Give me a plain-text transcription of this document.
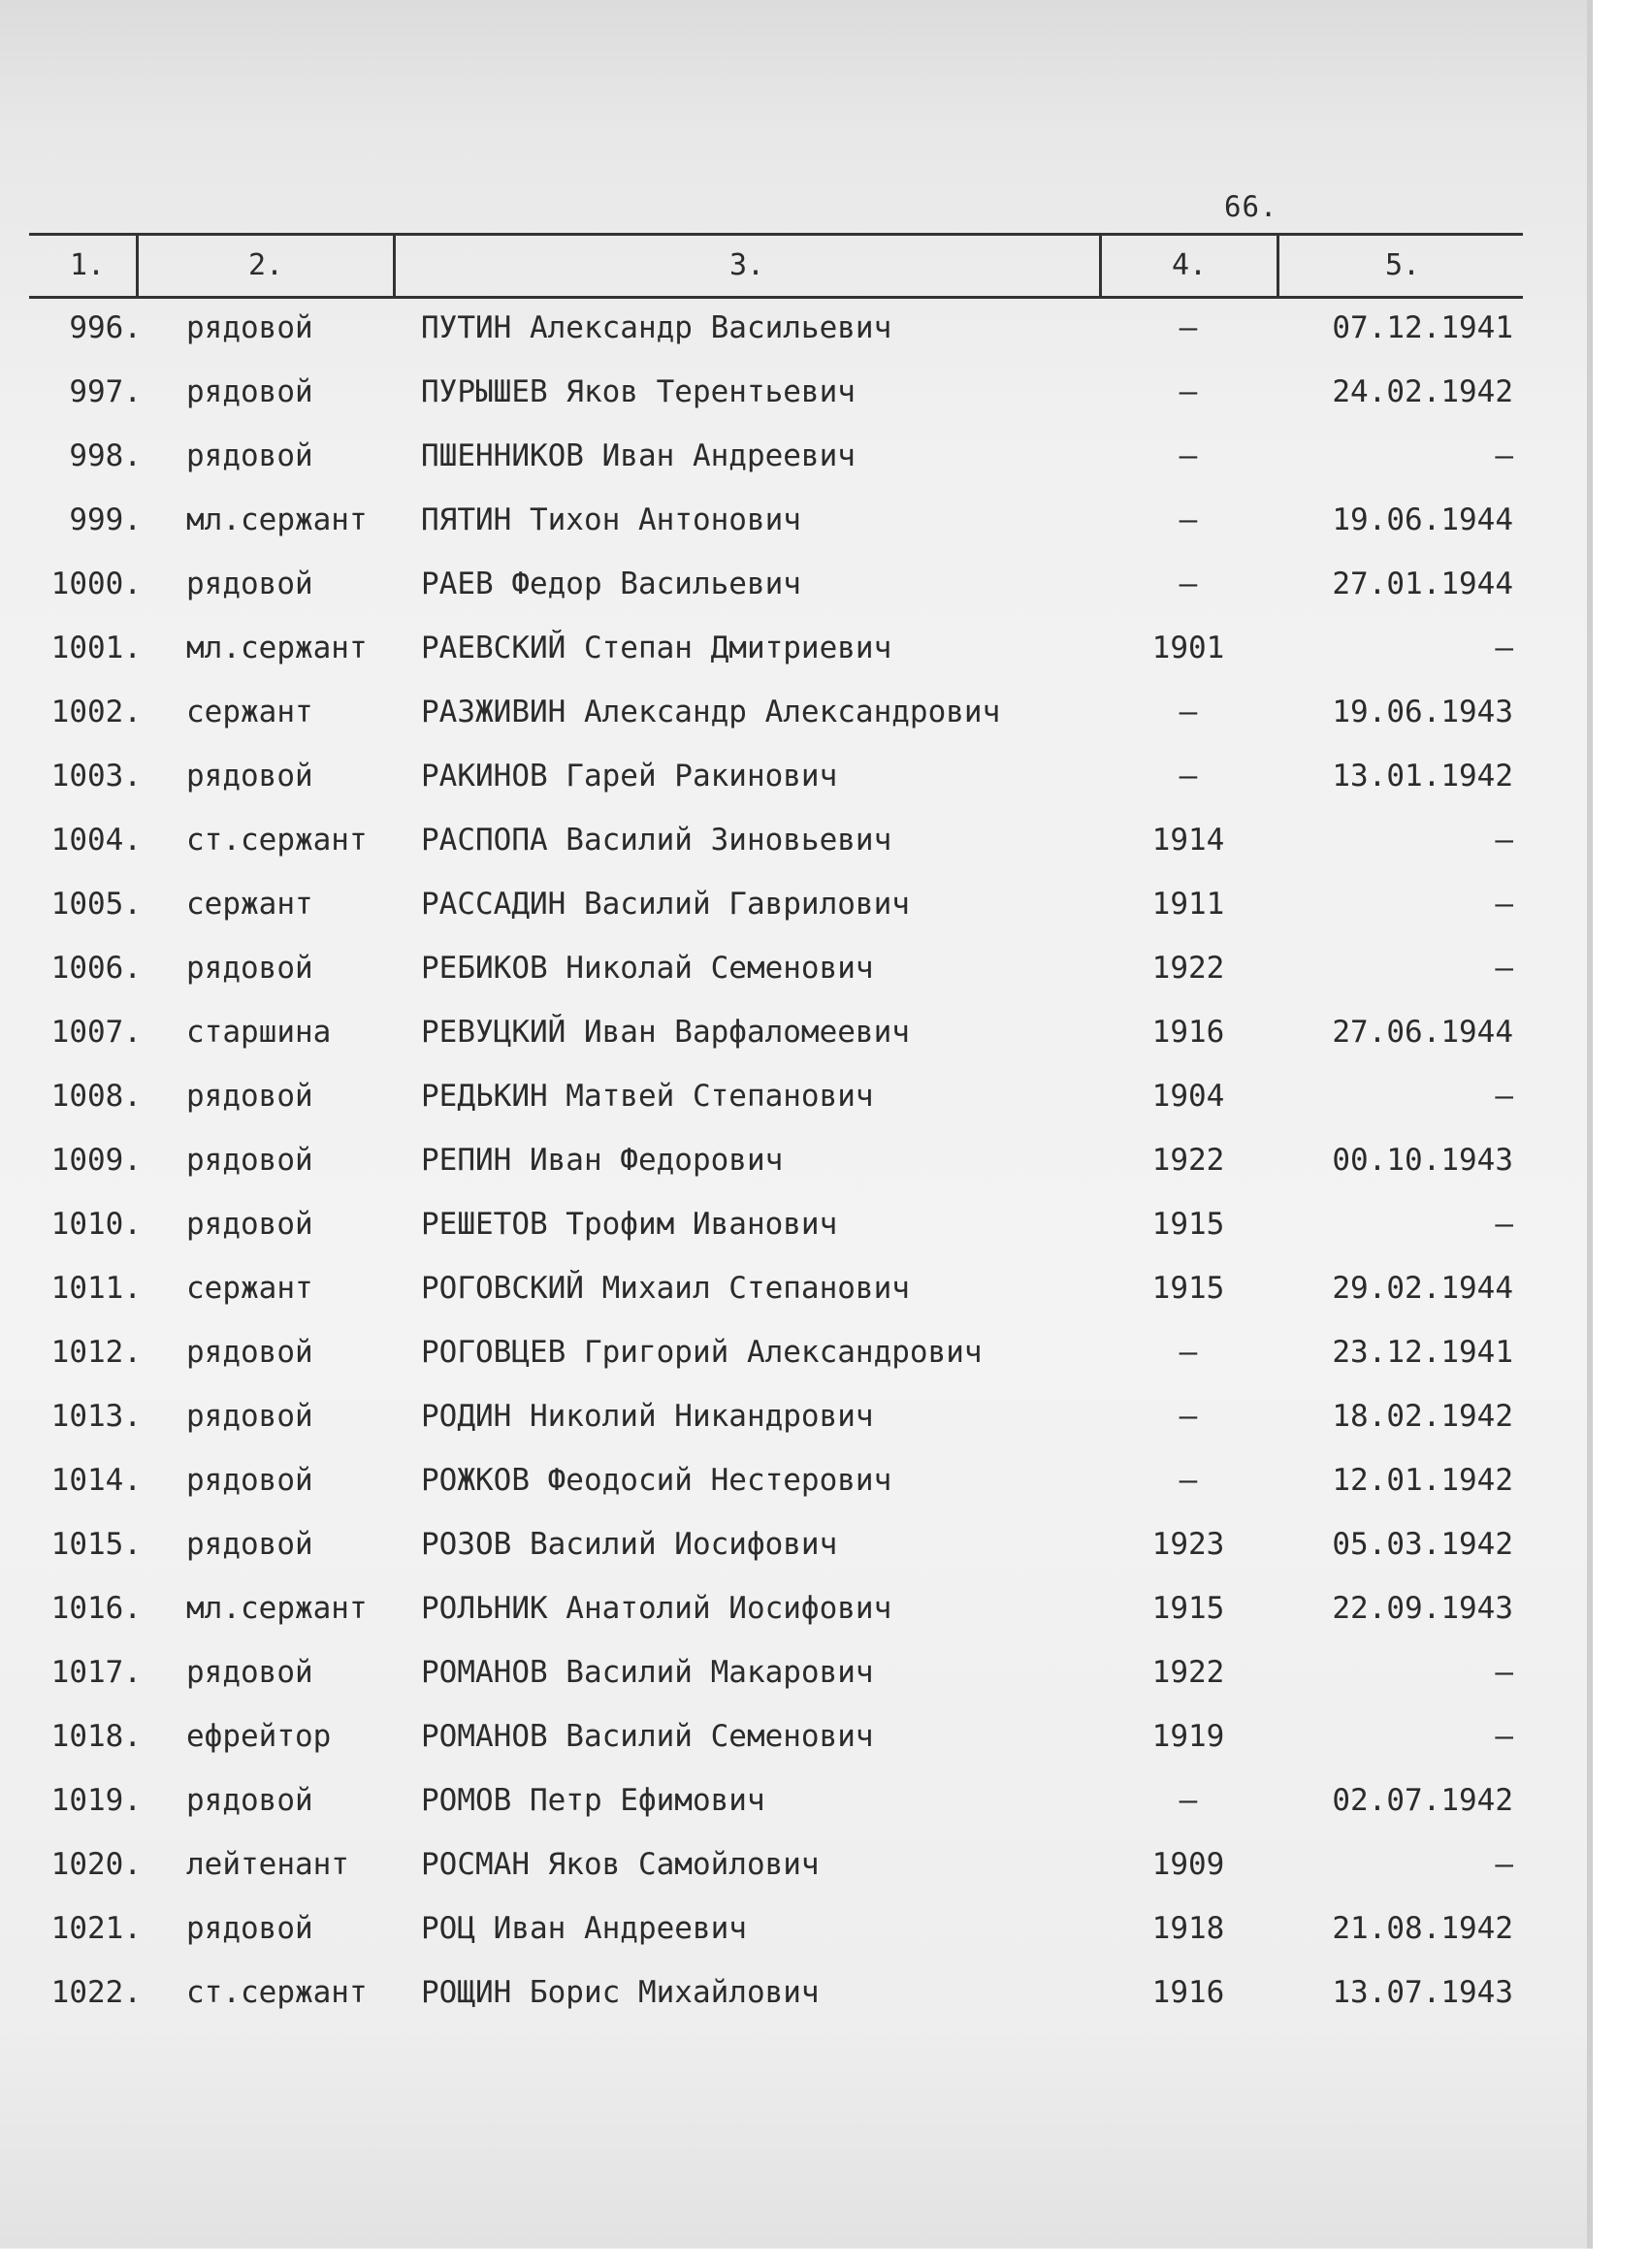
66.
1.	2.	3.	4.	5.
996. рядовой	ПУТИН Александр Васильевич	–	07.12.1941
997. рядовой	ПУРЫШЕВ Яков Терентьевич	–	24.02.1942
998. рядовой	ПШЕННИКОВ Иван Андреевич	–	–
999. мл.сержант	ПЯТИН Тихон Антонович	–	19.06.1944
1000. рядовой	РАЕВ Федор Васильевич	–	27.01.1944
1001. мл.сержант	РАЕВСКИЙ Степан Дмитриевич	1901	–
1002. сержант	РАЗЖИВИН Александр Александрович	–	19.06.1943
1003. рядовой	РАКИНОВ Гарей Ракинович	–	13.01.1942
1004. ст.сержант	РАСПОПА Василий Зиновьевич	1914	–
1005. сержант	РАССАДИН Василий Гаврилович	1911	–
1006. рядовой	РЕБИКОВ Николай Семенович	1922	–
1007. старшина	РЕВУЦКИЙ Иван Варфаломеевич	1916	27.06.1944
1008. рядовой	РЕДЬКИН Матвей Степанович	1904	–
1009. рядовой	РЕПИН Иван Федорович	1922	00.10.1943
1010. рядовой	РЕШЕТОВ Трофим Иванович	1915	–
1011. сержант	РОГОВСКИЙ Михаил Степанович	1915	29.02.1944
1012. рядовой	РОГОВЦЕВ Григорий Александрович	–	23.12.1941
1013. рядовой	РОДИН Николий Никандрович	–	18.02.1942
1014. рядовой	РОЖКОВ Феодосий Нестерович	–	12.01.1942
1015. рядовой	РОЗОВ Василий Иосифович	1923	05.03.1942
1016. мл.сержант	РОЛЬНИК Анатолий Иосифович	1915	22.09.1943
1017. рядовой	РОМАНОВ Василий Макарович	1922	–
1018. ефрейтор	РОМАНОВ Василий Семенович	1919	–
1019. рядовой	РОМОВ Петр Ефимович	–	02.07.1942
1020. лейтенант	РОСМАН Яков Самойлович	1909	–
1021. рядовой	РОЦ Иван Андреевич	1918	21.08.1942
1022. ст.сержант	РОЩИН Борис Михайлович	1916	13.07.1943
